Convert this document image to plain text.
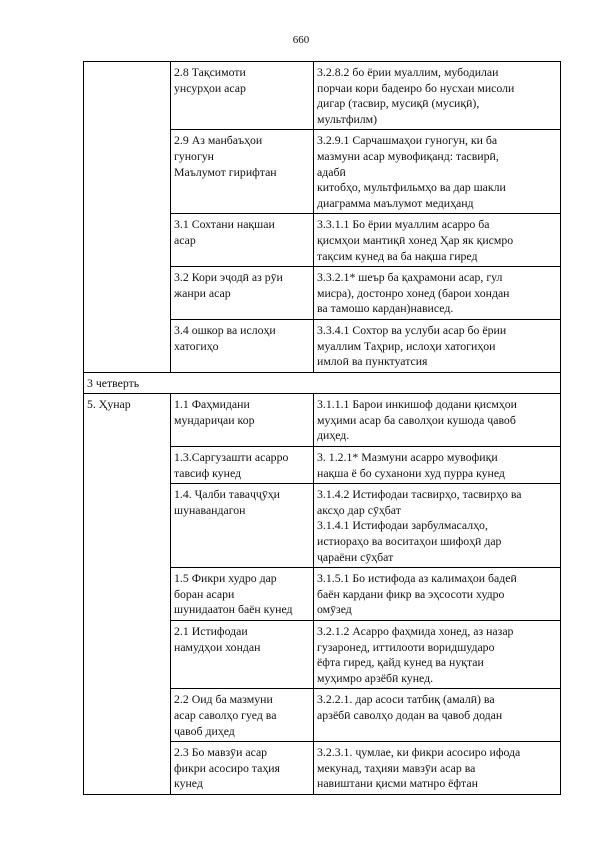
660

	2.8 Тақсимоти
унсурҳои асар	3.2.8.2 бо ёрии муаллим, мубодилаи
порчаи кори бадеиро бо нусхаи мисоли
дигар (тасвир, мусиқӣ (мусиқӣ),
мультфилм)

	2.9 Аз манбаъҳои
гуногун
Маълумот гирифтан	3.2.9.1 Сарчашмаҳои гуногун, ки ба
мазмуни асар мувофиқанд: тасвирӣ,
адабӣ
китобҳо, мультфильмҳо ва дар шакли
диаграмма маълумот медиҳанд

	3.1 Сохтани нақшаи
асар	3.3.1.1 Бо ёрии муаллим асарро ба
қисмҳои мантиқӣ хонед Ҳар як қисмро
тақсим кунед ва ба нақша гиред

	3.2 Кори эҷодӣ аз рӯи
жанри асар	3.3.2.1* шеър ба қаҳрамони асар, гул
мисра), достонро хонед (барои хондан
ва тамошо кардан)нависед.

	3.4 ошкор ва ислоҳи
хатогиҳо	3.3.4.1 Сохтор ва услуби асар бо ёрии
муаллим Таҳрир, ислоҳи хатогиҳои
имлоӣ ва пунктуатсия

3 четверть		
5. Ҳунар	1.1 Фаҳмидани
мундариҷаи кор	3.1.1.1 Барои инкишоф додани қисмҳои
муҳими асар ба саволҳои кушода ҷавоб
диҳед.

	1.3.Саргузашти асарро
тавсиф кунед	3. 1.2.1* Мазмуни асарро мувофиқи
нақша ё бо суханони худ пурра кунед

	1.4. Ҷалби таваҷҷӯҳи
шунавандагон	3.1.4.2 Истифодаи тасвирҳо, тасвирҳо ва
аксҳо дар сӯҳбат
3.1.4.1 Истифодаи зарбулмасалҳо,
истиораҳо ва воситаҳои шифоҳӣ дар
ҷараёни сӯҳбат

	1.5 Фикри худро дар
боран асари
шунидаатон баён кунед	3.1.5.1 Бо истифода аз калимаҳои бадеӣ
баён кардани фикр ва эҳсосоти худро
омӯзед

	2.1 Истифодаи
намудҳои хондан	3.2.1.2 Асарро фаҳмида хонед, аз назар
гузаронед, иттилооти воридшударо
ёфта гиред, қайд кунед ва нуқтаи
муҳимро арзёбӣ кунед.

	2.2 Оид ба мазмуни
асар саволҳо гуед ва
ҷавоб диҳед	3.2.2.1. дар асоси татбиқ (амалӣ) ва
арзёбӣ саволҳо додан ва ҷавоб додан

	2.3 Бо мавзӯи асар
фикри асосиро таҳия
кунед	3.2.3.1. ҷумлае, ки фикри асосиро ифода
мекунад, таҳияи мавзӯи асар ва
навиштани қисми матнро ёфтан
